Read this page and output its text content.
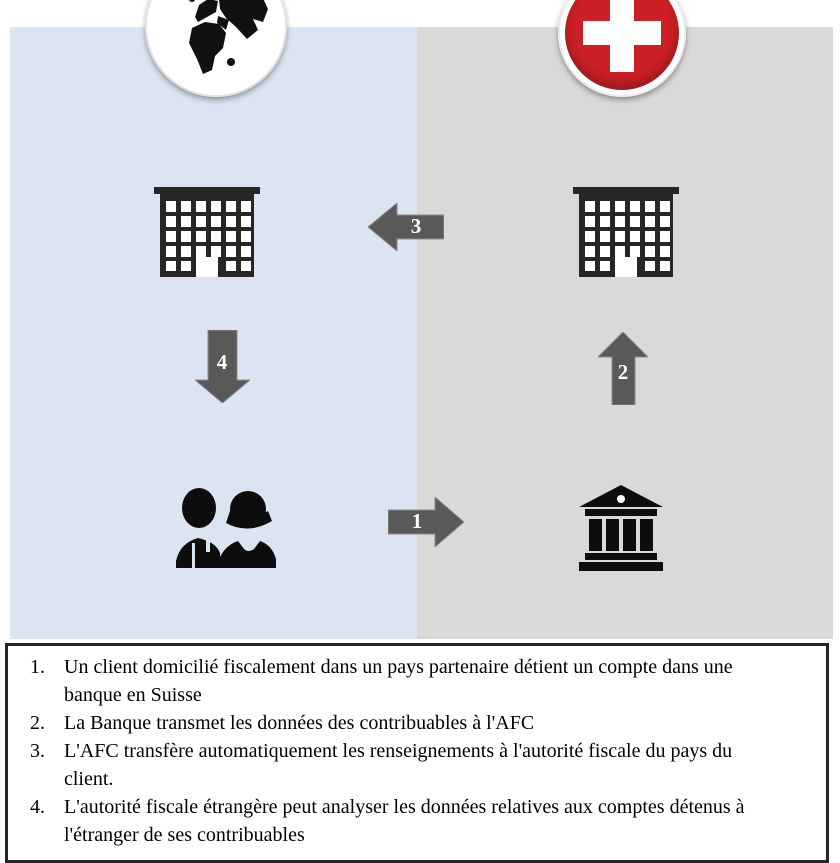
3
4	2
1
1. Un client domicilié fiscalement dans un pays partenaire détient un compte dans une banque en Suisse
2. La Banque transmet les données des contribuables à l'AFC
3. L'AFC transfère automatiquement les renseignements à l'autorité fiscale du pays du client.
4. L'autorité fiscale étrangère peut analyser les données relatives aux comptes détenus à l'étranger de ses contribuables
